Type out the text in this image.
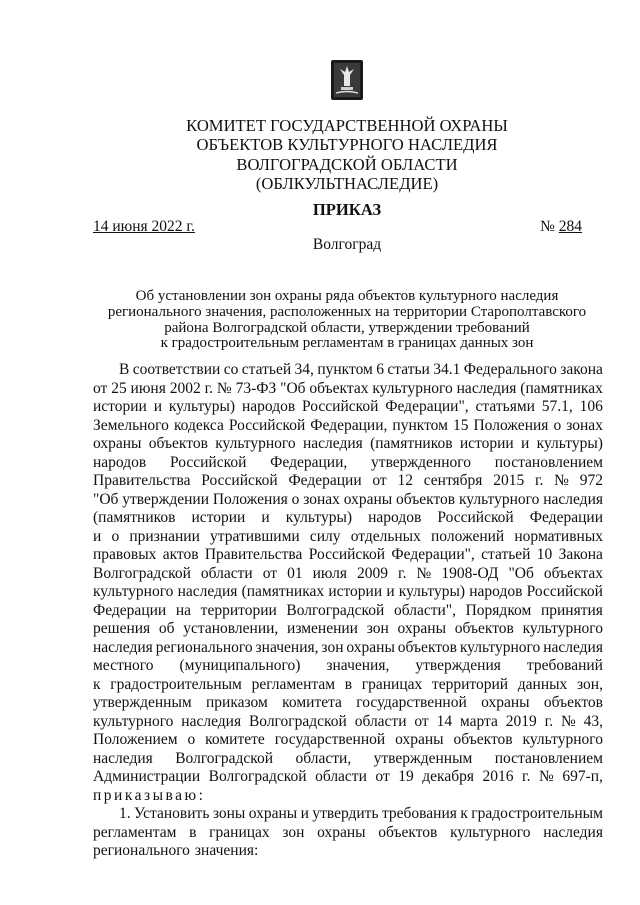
КОМИТЕТ ГОСУДАРСТВЕННОЙ ОХРАНЫ
ОБЪЕКТОВ КУЛЬТУРНОГО НАСЛЕДИЯ
ВОЛГОГРАДСКОЙ ОБЛАСТИ
(ОБЛКУЛЬТНАСЛЕДИЕ)
ПРИКАЗ
14 июня 2022 г.	№ 284
Волгоград
Об установлении зон охраны ряда объектов культурного наследия
регионального значения, расположенных на территории Старополтавского
района Волгоградской области, утверждении требований
к градостроительным регламентам в границах данных зон
В соответствии со статьей 34, пунктом 6 статьи 34.1 Федерального закона
от 25 июня 2002 г. № 73-ФЗ "Об объектах культурного наследия (памятниках
истории и культуры) народов Российской Федерации", статьями 57.1, 106
Земельного кодекса Российской Федерации, пунктом 15 Положения о зонах
охраны объектов культурного наследия (памятников истории и культуры)
народов Российской Федерации, утвержденного постановлением
Правительства Российской Федерации от 12 сентября 2015 г. № 972
"Об утверждении Положения о зонах охраны объектов культурного наследия
(памятников истории и культуры) народов Российской Федерации
и о признании утратившими силу отдельных положений нормативных
правовых актов Правительства Российской Федерации", статьей 10 Закона
Волгоградской области от 01 июля 2009 г. № 1908-ОД "Об объектах
культурного наследия (памятниках истории и культуры) народов Российской
Федерации на территории Волгоградской области", Порядком принятия
решения об установлении, изменении зон охраны объектов культурного
наследия регионального значения, зон охраны объектов культурного наследия
местного (муниципального) значения, утверждения требований
к градостроительным регламентам в границах территорий данных зон,
утвержденным приказом комитета государственной охраны объектов
культурного наследия Волгоградской области от 14 марта 2019 г. № 43,
Положением о комитете государственной охраны объектов культурного
наследия Волгоградской области, утвержденным постановлением
Администрации Волгоградской области от 19 декабря 2016 г. № 697-п,
приказываю:
1. Установить зоны охраны и утвердить требования к градостроительным
регламентам в границах зон охраны объектов культурного наследия
регионального значения:
